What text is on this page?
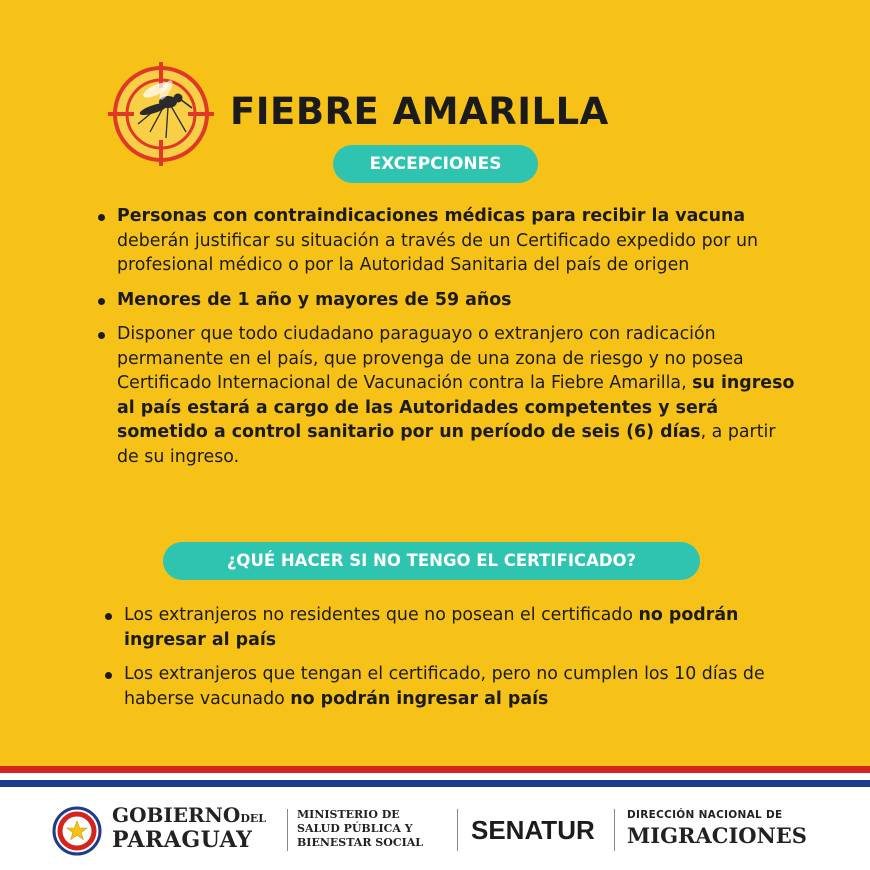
FIEBRE AMARILLA
EXCEPCIONES
Personas con contraindicaciones médicas para recibir la vacuna deberán justificar su situación a través de un Certificado expedido por un profesional médico o por la Autoridad Sanitaria del país de origen
Menores de 1 año y mayores de 59 años
Disponer que todo ciudadano paraguayo o extranjero con radicación permanente en el país, que provenga de una zona de riesgo y no posea Certificado Internacional de Vacunación contra la Fiebre Amarilla, su ingreso al país estará a cargo de las Autoridades competentes y será sometido a control sanitario por un período de seis (6) días, a partir de su ingreso.
¿QUÉ HACER SI NO TENGO EL CERTIFICADO?
Los extranjeros no residentes que no posean el certificado no podrán ingresar al país
Los extranjeros que tengan el certificado, pero no cumplen los 10 días de haberse vacunado no podrán ingresar al país
GOBIERNODEL
PARAGUAY
MINISTERIO DE
SALUD PÚBLICA Y
BIENESTAR SOCIAL SENATUR	DIRECCIÓN NACIONAL DE
MIGRACIONES
